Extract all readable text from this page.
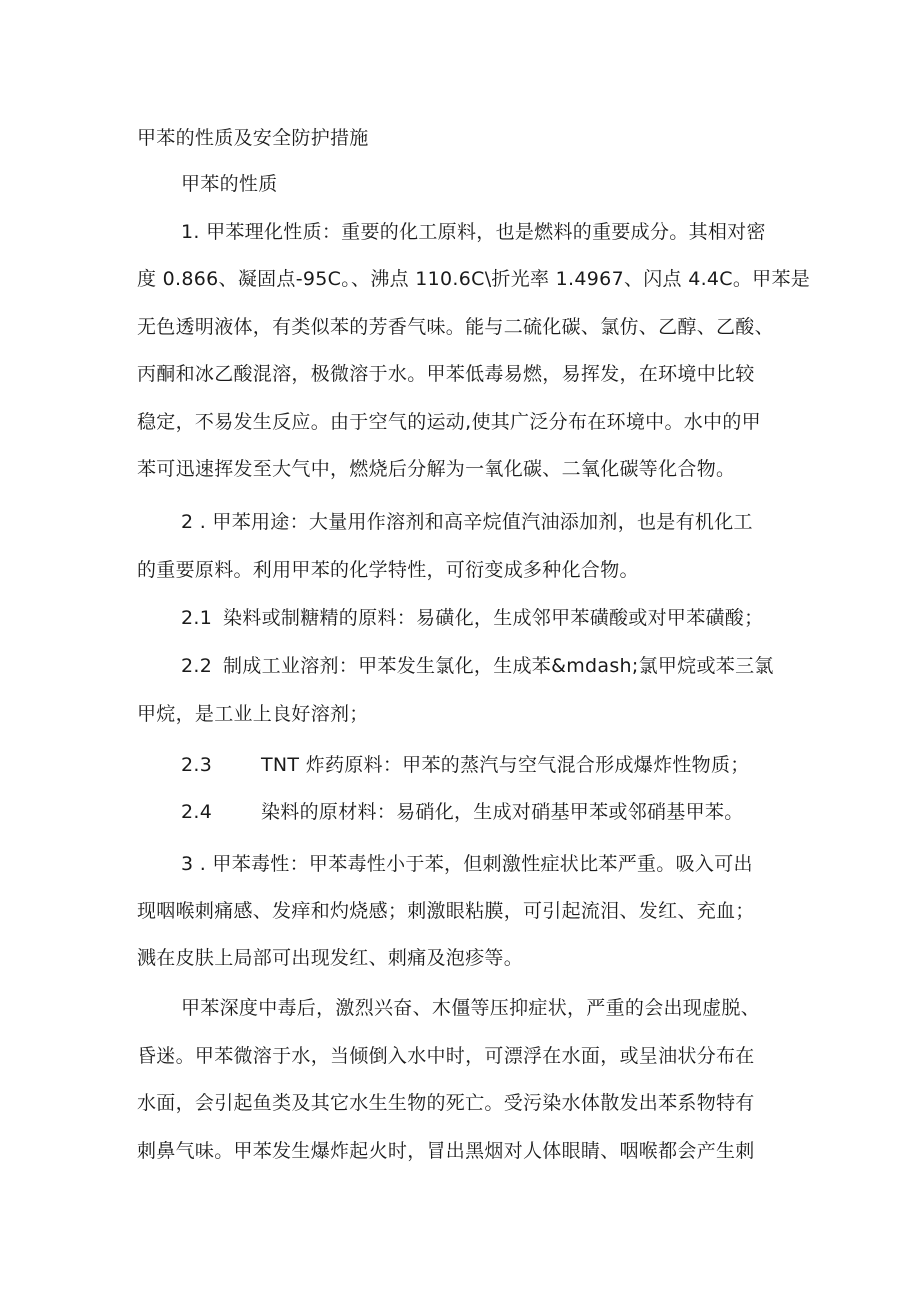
甲苯的性质及安全防护措施
甲苯的性质
1. 甲苯理化性质：重要的化工原料，也是燃料的重要成分。其相对密
度 0.866、凝固点-95C。、沸点 110.6C\折光率 1.4967、闪点 4.4C。甲苯是
无色透明液体，有类似苯的芳香气味。能与二硫化碳、氯仿、乙醇、乙酸、
丙酮和冰乙酸混溶，极微溶于水。甲苯低毒易燃，易挥发，在环境中比较
稳定，不易发生反应。由于空气的运动,使其广泛分布在环境中。水中的甲
苯可迅速挥发至大气中，燃烧后分解为一氧化碳、二氧化碳等化合物。
2 . 甲苯用途：大量用作溶剂和高辛烷值汽油添加剂，也是有机化工
的重要原料。利用甲苯的化学特性，可衍变成多种化合物。
2.1 染料或制糖精的原料：易磺化，生成邻甲苯磺酸或对甲苯磺酸；
2.2 制成工业溶剂：甲苯发生氯化，生成苯&mdash;氯甲烷或苯三氯
甲烷，是工业上良好溶剂；
2.3	TNT 炸药原料：甲苯的蒸汽与空气混合形成爆炸性物质；
2.4	染料的原材料：易硝化，生成对硝基甲苯或邻硝基甲苯。
3 . 甲苯毒性：甲苯毒性小于苯，但刺激性症状比苯严重。吸入可出
现咽喉刺痛感、发痒和灼烧感；刺激眼粘膜，可引起流泪、发红、充血；
溅在皮肤上局部可出现发红、刺痛及泡疹等。
甲苯深度中毒后，激烈兴奋、木僵等压抑症状，严重的会出现虚脱、
昏迷。甲苯微溶于水，当倾倒入水中时，可漂浮在水面，或呈油状分布在
水面，会引起鱼类及其它水生生物的死亡。受污染水体散发出苯系物特有
刺鼻气味。甲苯发生爆炸起火时，冒出黑烟对人体眼睛、咽喉都会产生刺
